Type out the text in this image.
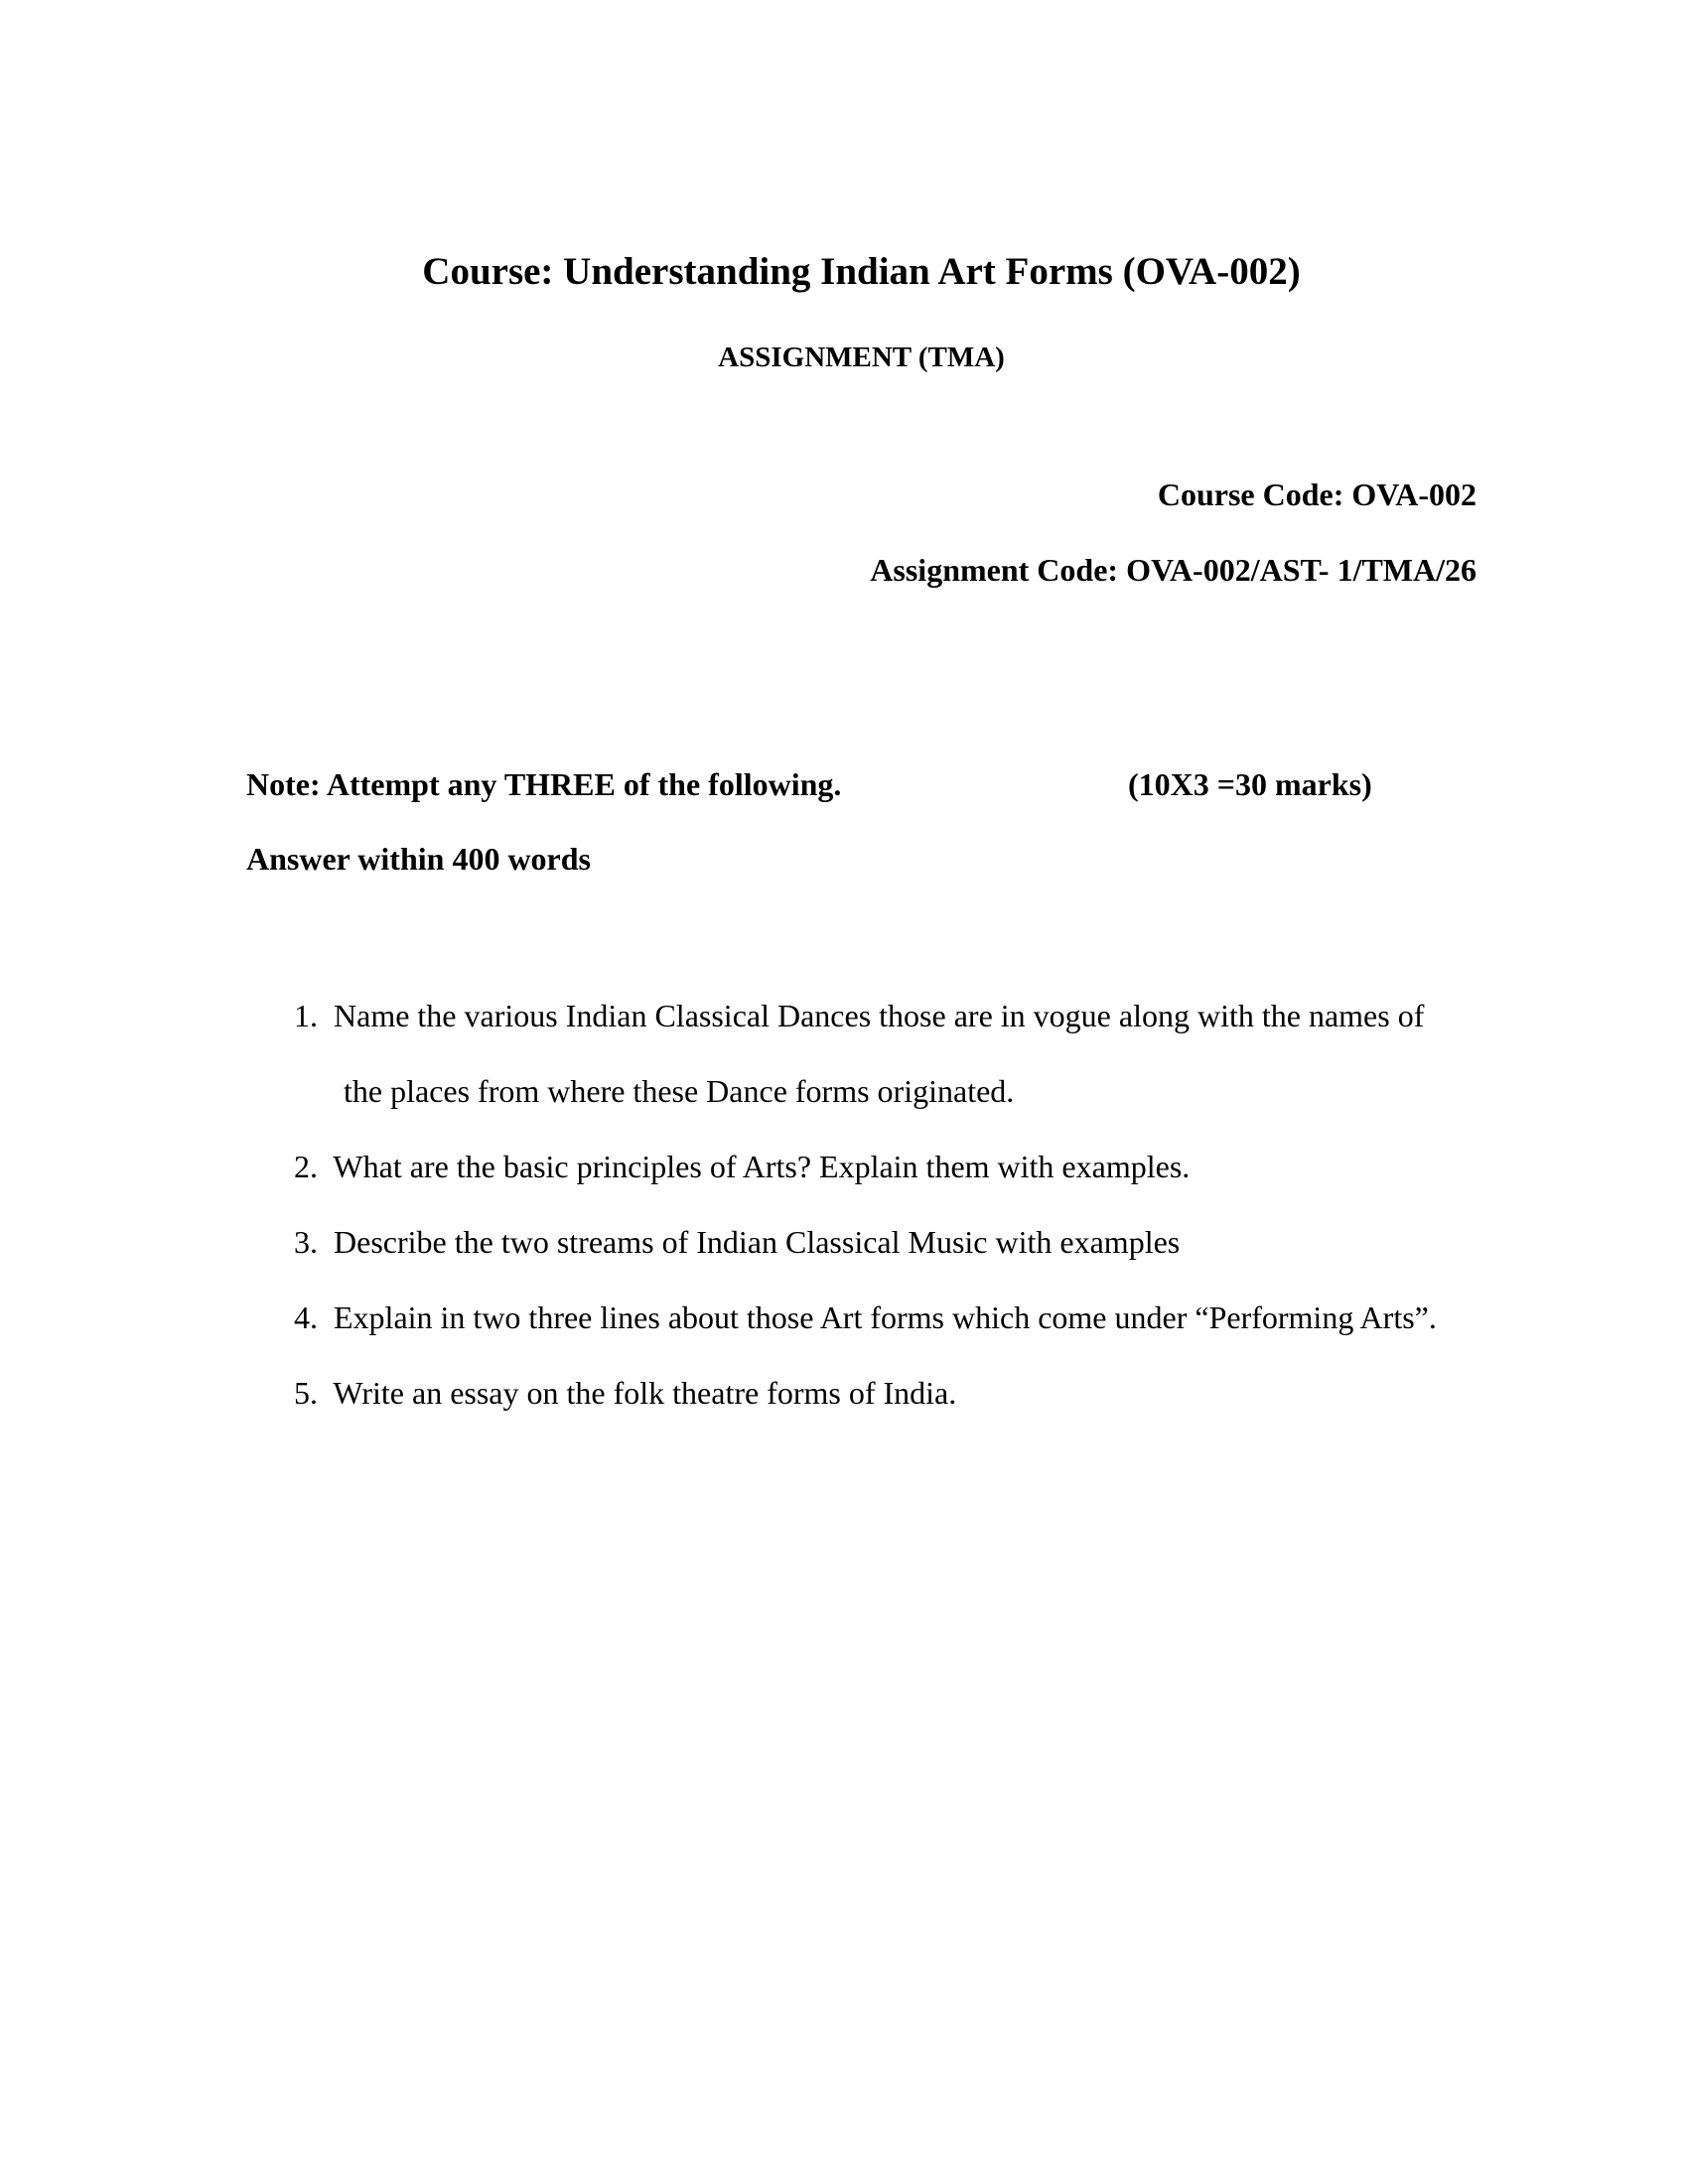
Course: Understanding Indian Art Forms (OVA-002)
ASSIGNMENT (TMA)
Course Code: OVA-002
Assignment Code: OVA-002/AST- 1/TMA/26
Note: Attempt any THREE of the following.	(10X3 =30 marks)
Answer within 400 words
1.  Name the various Indian Classical Dances those are in vogue along with the names of
the places from where these Dance forms originated.
2.  What are the basic principles of Arts? Explain them with examples.
3.  Describe the two streams of Indian Classical Music with examples
4.  Explain in two three lines about those Art forms which come under “Performing Arts”.
5.  Write an essay on the folk theatre forms of India.
